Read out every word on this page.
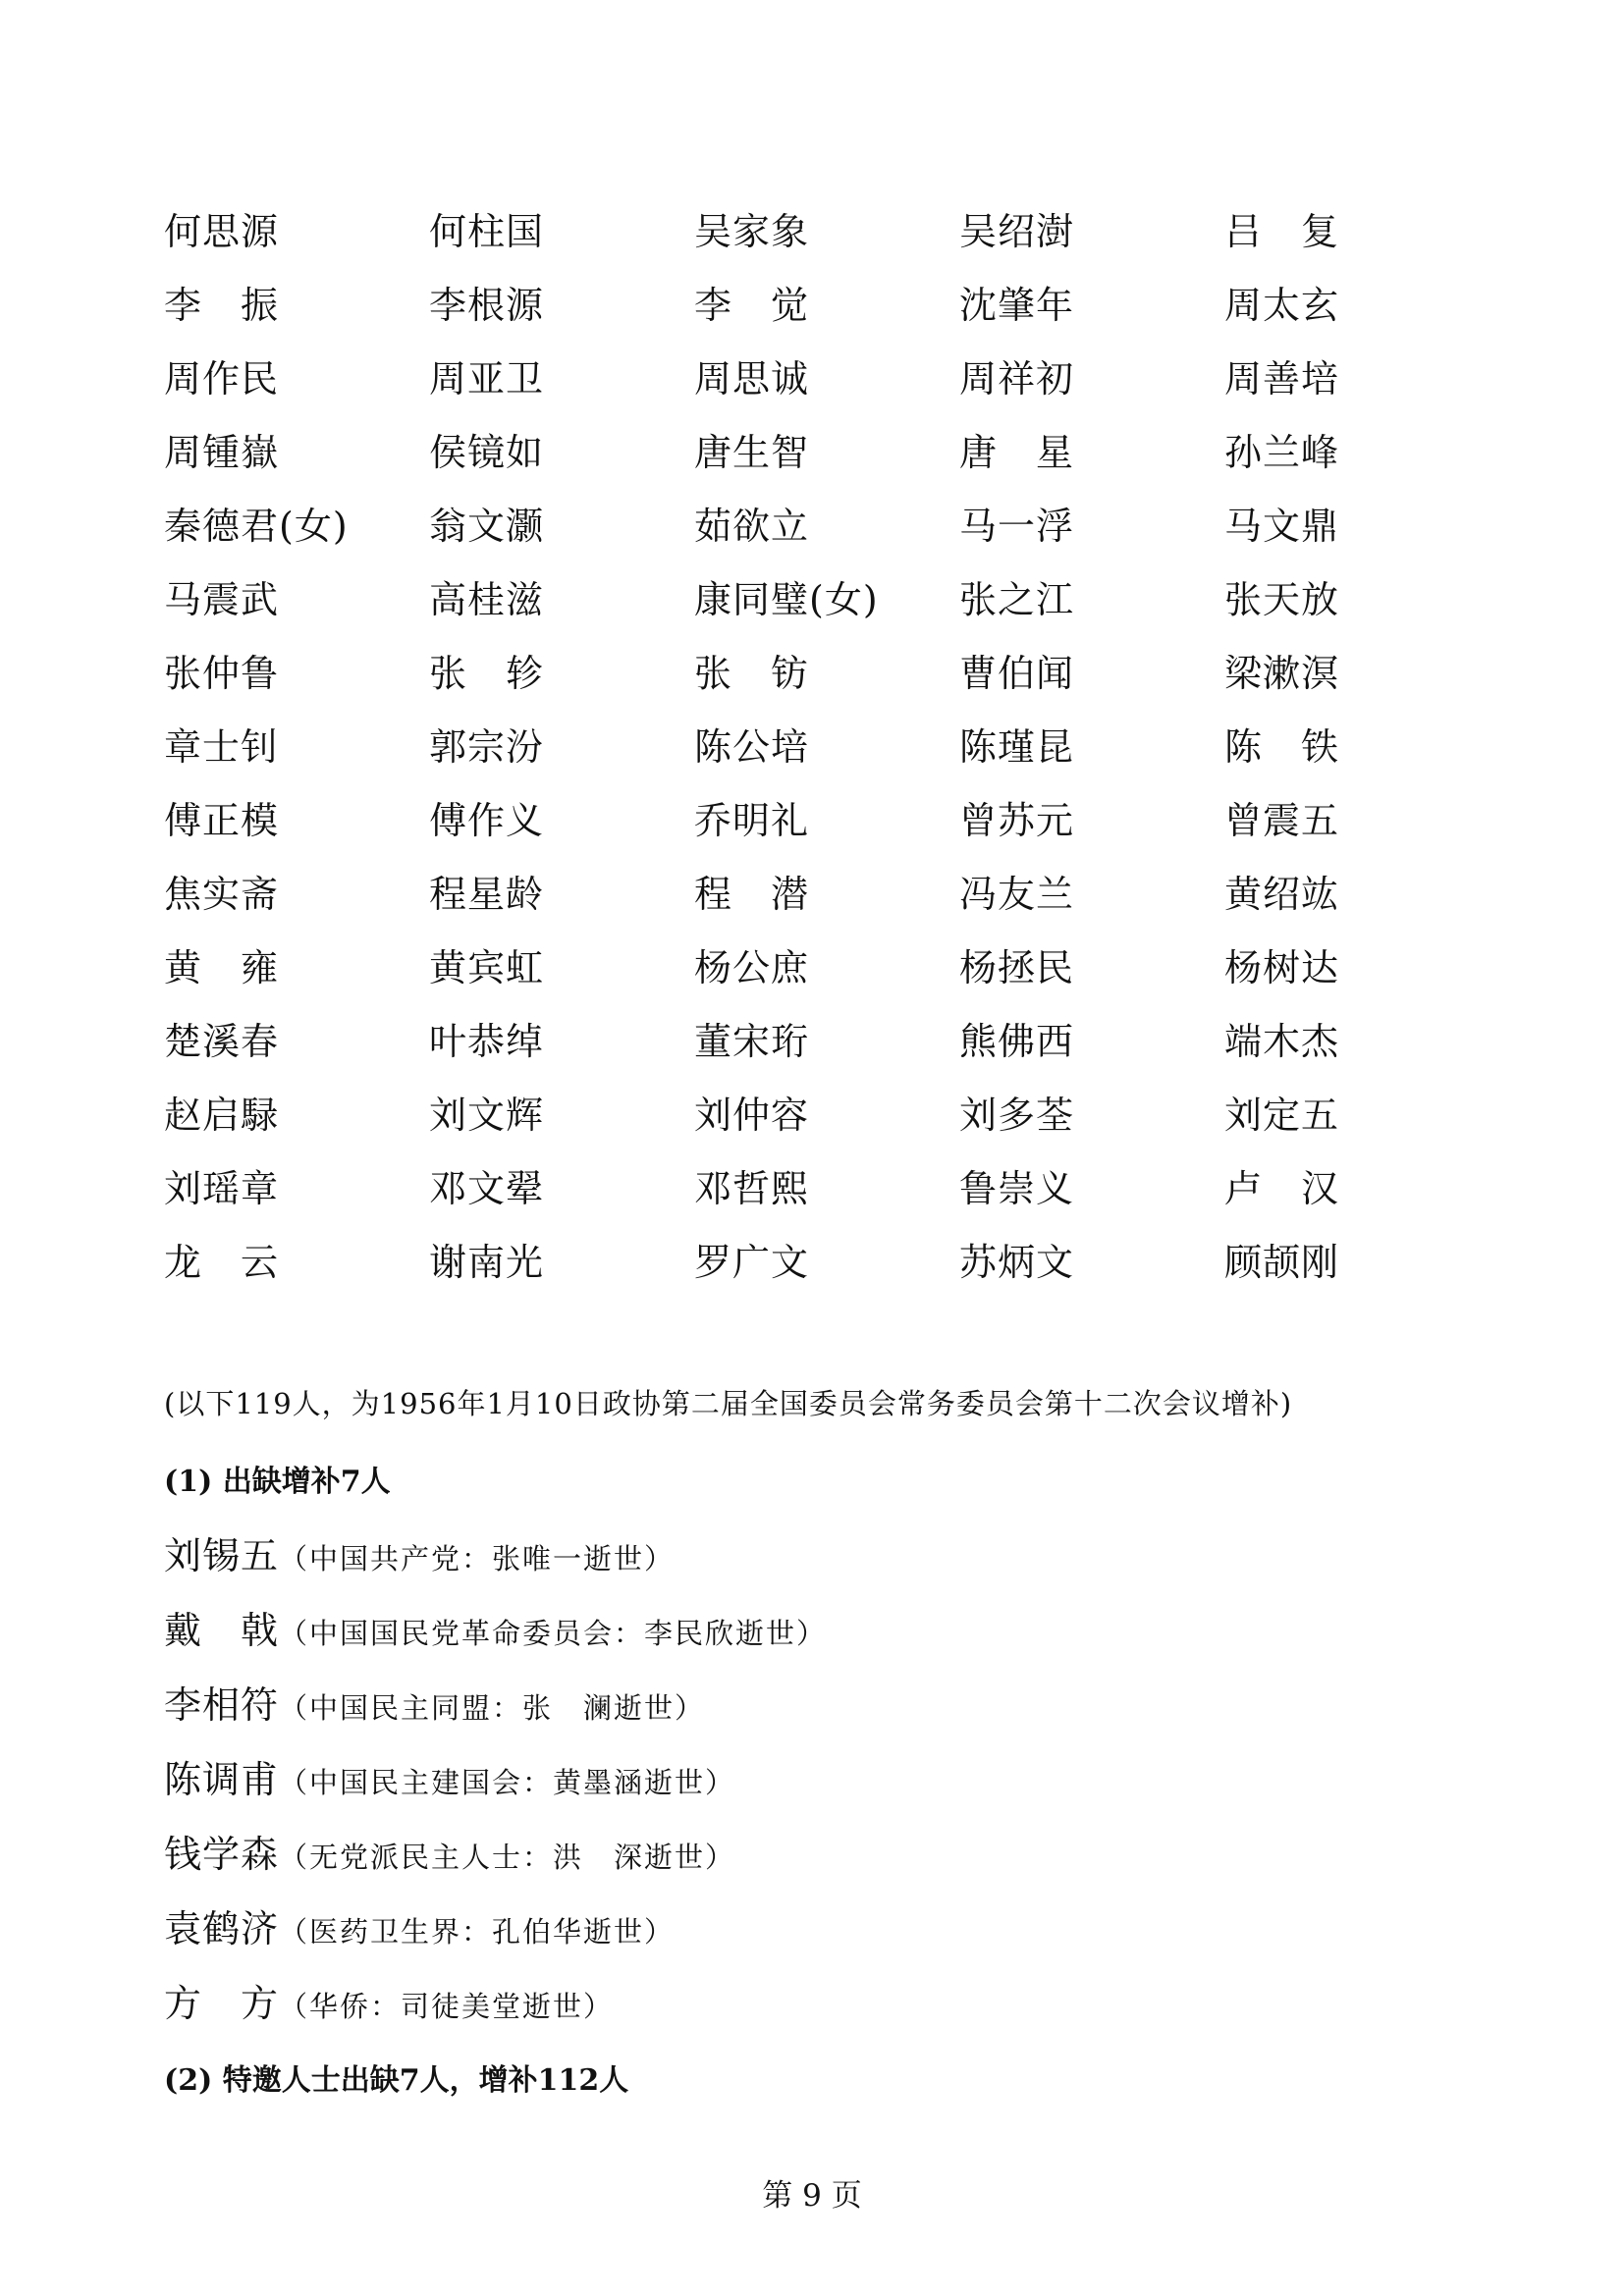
何思源	何柱国	吴家象	吴绍澍	吕　复
李　振	李根源	李　觉	沈肇年	周太玄
周作民	周亚卫	周思诚	周祥初	周善培
周锺嶽	侯镜如	唐生智	唐　星	孙兰峰
秦德君(女)	翁文灏	茹欲立	马一浮	马文鼎
马震武	高桂滋	康同璧(女)	张之江	张天放
张仲鲁	张　轸	张　钫	曹伯闻	梁漱溟
章士钊	郭宗汾	陈公培	陈瑾昆	陈　铁
傅正模	傅作义	乔明礼	曾苏元	曾震五
焦实斋	程星龄	程　潜	冯友兰	黄绍竑
黄　雍	黄宾虹	杨公庶	杨拯民	杨树达
楚溪春	叶恭绰	董宋珩	熊佛西	端木杰
赵启騄	刘文辉	刘仲容	刘多荃	刘定五
刘瑶章	邓文翚	邓哲熙	鲁崇义	卢　汉
龙　云	谢南光	罗广文	苏炳文	顾颉刚
(以下119人，为1956年1月10日政协第二届全国委员会常务委员会第十二次会议增补)
(1) 出缺增补7人
刘锡五 （中国共产党：张唯一逝世）
戴　戟 （中国国民党革命委员会：李民欣逝世）
李相符 （中国民主同盟：张　澜逝世）
陈调甫 （中国民主建国会：黄墨涵逝世）
钱学森 （无党派民主人士：洪　深逝世）
袁鹤济 （医药卫生界：孔伯华逝世）
方　方 （华侨：司徒美堂逝世）
(2) 特邀人士出缺7人，增补112人
第 9 页
